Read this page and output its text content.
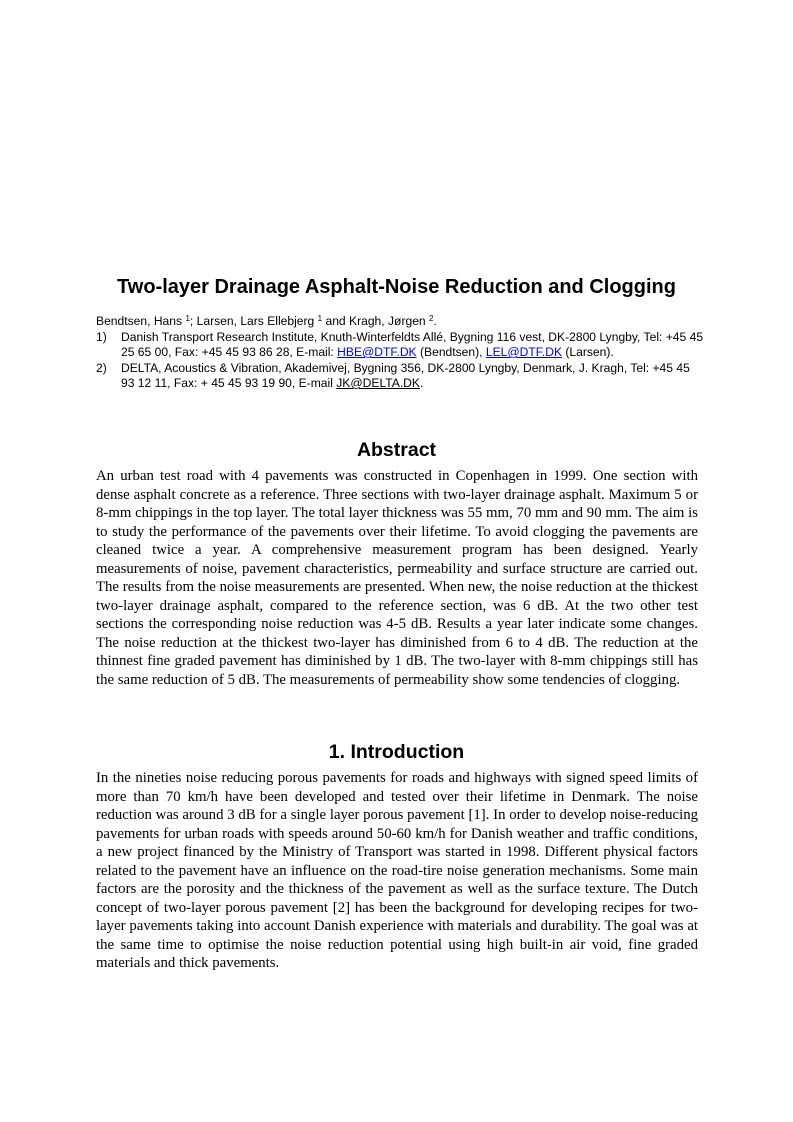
Two-layer Drainage Asphalt-Noise Reduction and Clogging
Bendtsen, Hans $^1$; Larsen, Lars Ellebjerg $^1$ and Kragh, Jørgen $^2$.
1)	Danish Transport Research Institute, Knuth-Winterfeldts Allé, Bygning 116 vest, DK-2800 Lyngby, Tel: +45 45 25 65 00, Fax: +45 45 93 86 28, E-mail: HBE@DTF.DK (Bendtsen), LEL@DTF.DK (Larsen).
2)	DELTA, Acoustics & Vibration, Akademivej, Bygning 356, DK-2800 Lyngby, Denmark, J. Kragh, Tel: +45 45 93 12 11, Fax: + 45 45 93 19 90, E-mail JK@DELTA.DK.
Abstract

An urban test road with 4 pavements was constructed in Copenhagen in 1999. One section with dense asphalt concrete as a reference. Three sections with two-layer drainage asphalt. Maximum 5 or 8-mm chippings in the top layer. The total layer thickness was 55 mm, 70 mm and 90 mm. The aim is to study the performance of the pavements over their lifetime. To avoid clogging the pavements are cleaned twice a year. A comprehensive measurement program has been designed. Yearly measurements of noise, pavement characteristics, permeability and surface structure are carried out. The results from the noise measurements are presented. When new, the noise reduction at the thickest two-layer drainage asphalt, compared to the reference section, was 6 dB. At the two other test sections the corresponding noise reduction was 4-5 dB. Results a year later indicate some changes. The noise reduction at the thickest two-layer has diminished from 6 to 4 dB. The reduction at the thinnest fine graded pavement has diminished by 1 dB. The two-layer with 8-mm chippings still has the same reduction of 5 dB. The measurements of permeability show some tendencies of clogging.

1. Introduction

In the nineties noise reducing porous pavements for roads and highways with signed speed limits of more than 70 km/h have been developed and tested over their lifetime in Denmark. The noise reduction was around 3 dB for a single layer porous pavement [1]. In order to develop noise-reducing pavements for urban roads with speeds around 50-60 km/h for Danish weather and traffic conditions, a new project financed by the Ministry of Transport was started in 1998. Different physical factors related to the pavement have an influence on the road-tire noise generation mechanisms. Some main factors are the porosity and the thickness of the pavement as well as the surface texture. The Dutch concept of two-layer porous pavement [2] has been the background for developing recipes for two-layer pavements taking into account Danish experience with materials and durability. The goal was at the same time to optimise the noise reduction potential using high built-in air void, fine graded materials and thick pavements.
